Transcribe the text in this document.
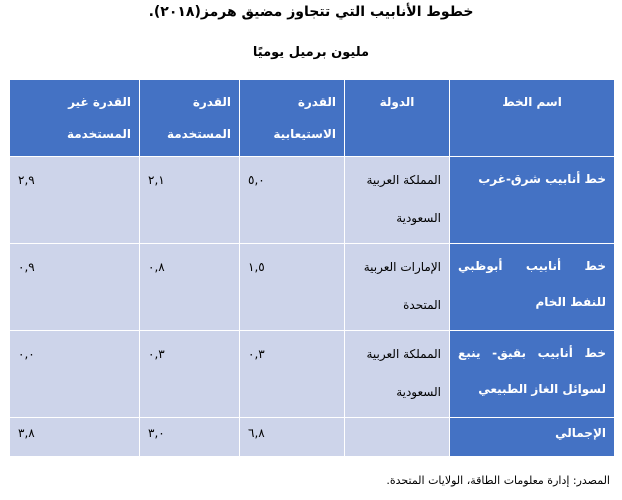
خطوط الأنابيب التي تتجاوز مضيق هرمز(٢٠١٨).
مليون برميل يوميًا
اسم الخط	الدولة	القدرة الاستيعابية	القدرة المستخدمة	القدرة غير المستخدمة
خط أنابيب شرق-غرب	المملكة العربية السعودية	٥,٠	٢,١	٢,٩
خط أنابيب أبوظبي للنفط الخام	الإمارات العربية المتحدة	١,٥	٠,٨	٠,٩
خط أنابيب بقيق- ينبع لسوائل الغاز الطبيعي	المملكة العربية السعودية	٠,٣	٠,٣	٠,٠
الإجمالي		٦,٨	٣,٠	٣,٨
المصدر: إدارة معلومات الطاقة، الولايات المتحدة.
